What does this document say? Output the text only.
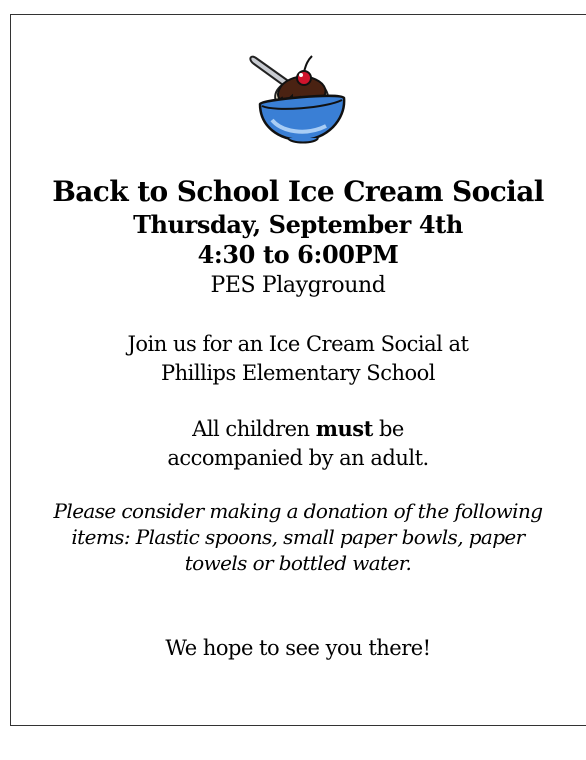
Back to School Ice Cream Social
Thursday, September 4th
4:30 to 6:00PM
PES Playground
Join us for an Ice Cream Social at
Phillips Elementary School
All children must be
accompanied by an adult.
Please consider making a donation of the following
items: Plastic spoons, small paper bowls, paper
towels or bottled water.
We hope to see you there!
